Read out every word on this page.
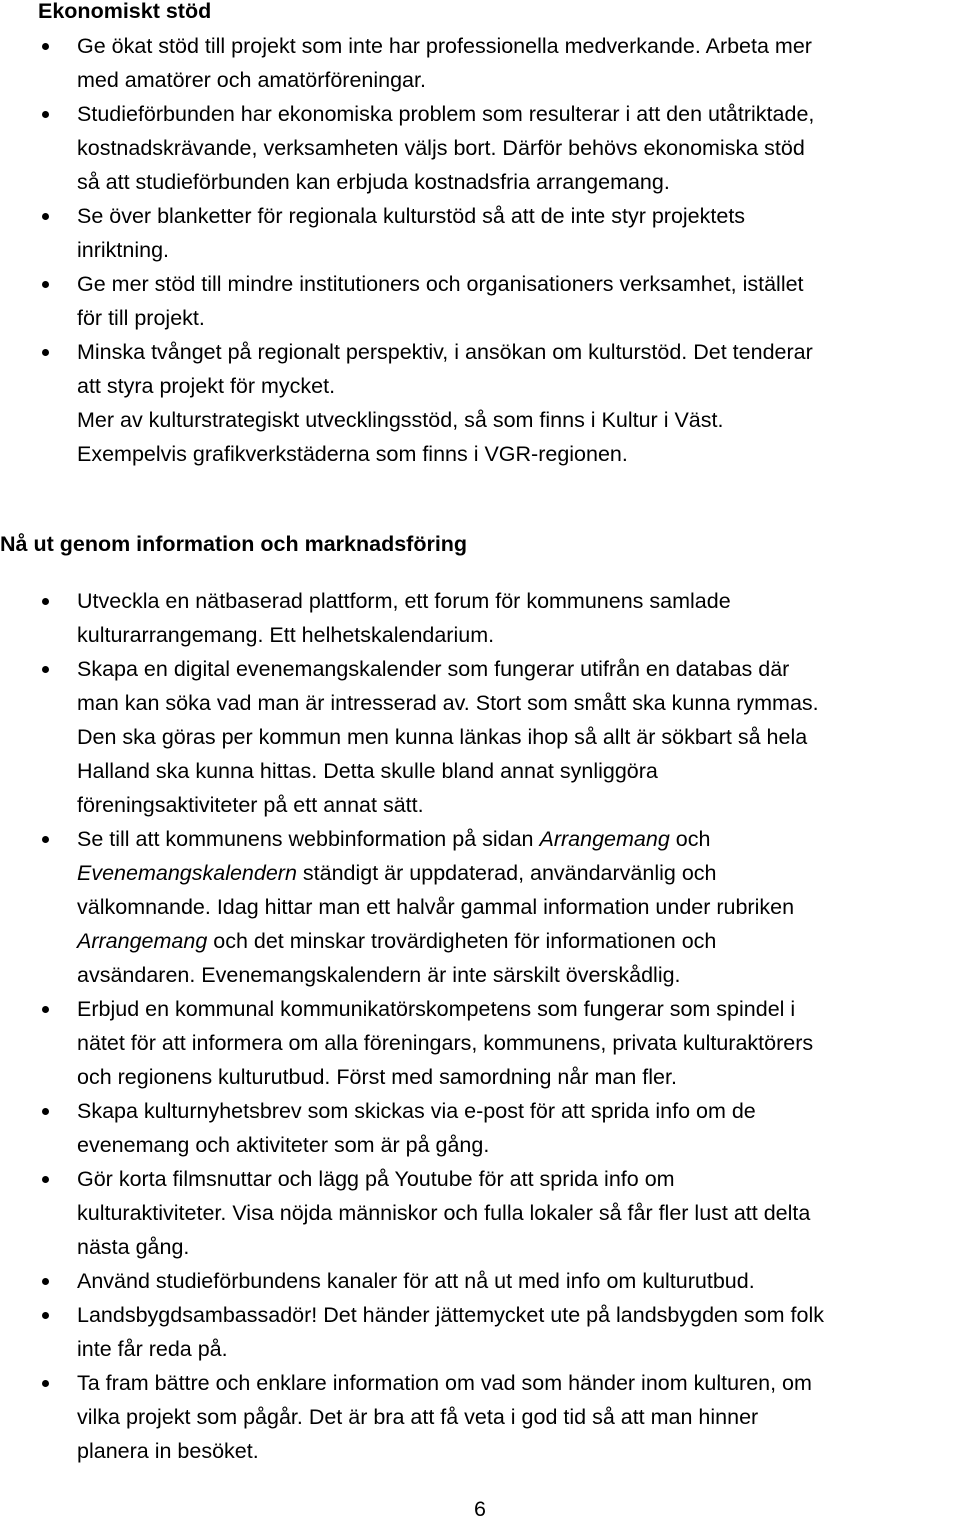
Ekonomiskt stöd
Ge ökat stöd till projekt som inte har professionella medverkande. Arbeta mer
med amatörer och amatörföreningar.
Studieförbunden har ekonomiska problem som resulterar i att den utåtriktade,
kostnadskrävande, verksamheten väljs bort. Därför behövs ekonomiska stöd
så att studieförbunden kan erbjuda kostnadsfria arrangemang.
Se över blanketter för regionala kulturstöd så att de inte styr projektets
inriktning.
Ge mer stöd till mindre institutioners och organisationers verksamhet, istället
för till projekt.
Minska tvånget på regionalt perspektiv, i ansökan om kulturstöd. Det tenderar
att styra projekt för mycket.
Mer av kulturstrategiskt utvecklingsstöd, så som finns i Kultur i Väst.
Exempelvis grafikverkstäderna som finns i VGR-regionen.
Nå ut genom information och marknadsföring
Utveckla en nätbaserad plattform, ett forum för kommunens samlade
kulturarrangemang. Ett helhetskalendarium.
Skapa en digital evenemangskalender som fungerar utifrån en databas där
man kan söka vad man är intresserad av. Stort som smått ska kunna rymmas.
Den ska göras per kommun men kunna länkas ihop så allt är sökbart så hela
Halland ska kunna hittas. Detta skulle bland annat synliggöra
föreningsaktiviteter på ett annat sätt.
Se till att kommunens webbinformation på sidan Arrangemang och
Evenemangskalendern ständigt är uppdaterad, användarvänlig och
välkomnande. Idag hittar man ett halvår gammal information under rubriken
Arrangemang och det minskar trovärdigheten för informationen och
avsändaren. Evenemangskalendern är inte särskilt överskådlig.
Erbjud en kommunal kommunikatörskompetens som fungerar som spindel i
nätet för att informera om alla föreningars, kommunens, privata kulturaktörers
och regionens kulturutbud. Först med samordning når man fler.
Skapa kulturnyhetsbrev som skickas via e-post för att sprida info om de
evenemang och aktiviteter som är på gång.
Gör korta filmsnuttar och lägg på Youtube för att sprida info om
kulturaktiviteter. Visa nöjda människor och fulla lokaler så får fler lust att delta
nästa gång.
Använd studieförbundens kanaler för att nå ut med info om kulturutbud.
Landsbygdsambassadör! Det händer jättemycket ute på landsbygden som folk
inte får reda på.
Ta fram bättre och enklare information om vad som händer inom kulturen, om
vilka projekt som pågår. Det är bra att få veta i god tid så att man hinner
planera in besöket.
6
